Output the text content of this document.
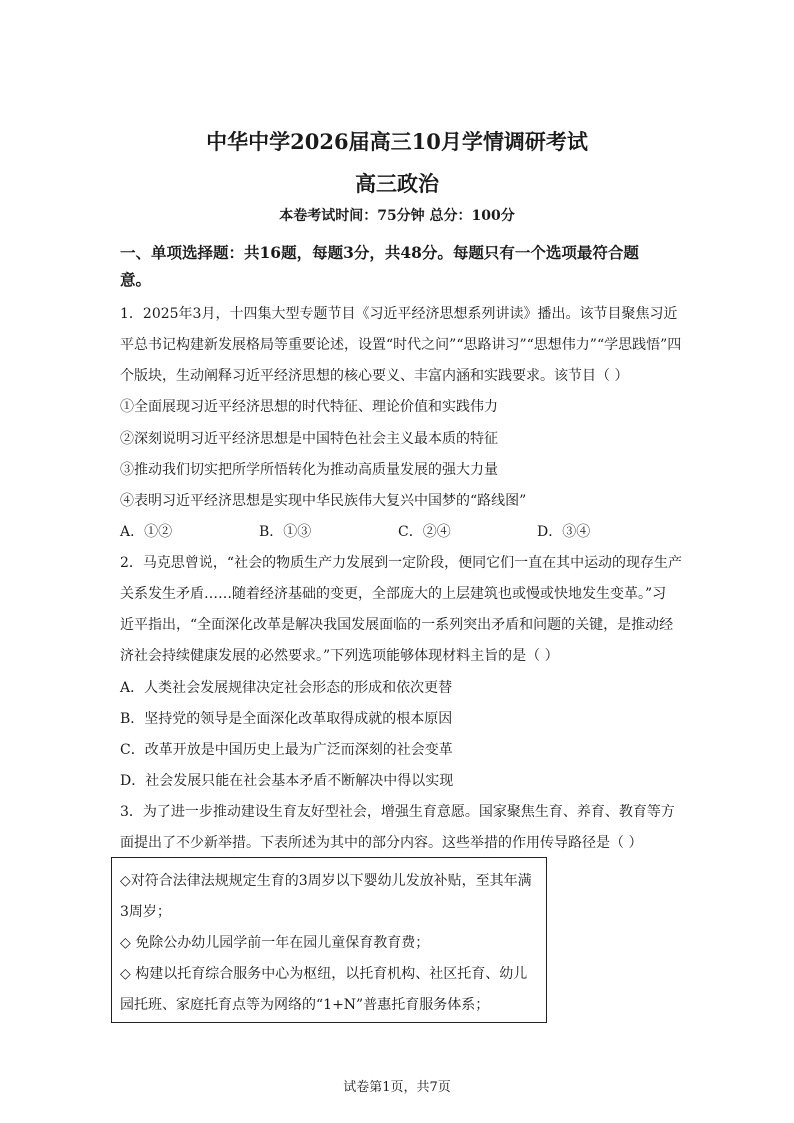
中华中学2026届高三10月学情调研考试
高三政治
本卷考试时间：75分钟 总分：100分
一、单项选择题：共16题，每题3分，共48分。每题只有一个选项最符合题
意。
1．2025年3月，十四集大型专题节目《习近平经济思想系列讲读》播出。该节目聚焦习近
平总书记构建新发展格局等重要论述，设置“时代之问”“思路讲习”“思想伟力”“学思践悟”四
个版块，生动阐释习近平经济思想的核心要义、丰富内涵和实践要求。该节目（ ）
①全面展现习近平经济思想的时代特征、理论价值和实践伟力
②深刻说明习近平经济思想是中国特色社会主义最本质的特征
③推动我们切实把所学所悟转化为推动高质量发展的强大力量
④表明习近平经济思想是实现中华民族伟大复兴中国梦的“路线图”
A．①②	B．①③	C．②④	D．③④
2．马克思曾说，“社会的物质生产力发展到一定阶段，便同它们一直在其中运动的现存生产
关系发生矛盾……随着经济基础的变更，全部庞大的上层建筑也或慢或快地发生变革。”习
近平指出，“全面深化改革是解决我国发展面临的一系列突出矛盾和问题的关键，是推动经
济社会持续健康发展的必然要求。”下列选项能够体现材料主旨的是（ ）
A．人类社会发展规律决定社会形态的形成和依次更替
B．坚持党的领导是全面深化改革取得成就的根本原因
C．改革开放是中国历史上最为广泛而深刻的社会变革
D．社会发展只能在社会基本矛盾不断解决中得以实现
3．为了进一步推动建设生育友好型社会，增强生育意愿。国家聚焦生育、养育、教育等方
面提出了不少新举措。下表所述为其中的部分内容。这些举措的作用传导路径是（ ）
◇对符合法律法规规定生育的3周岁以下婴幼儿发放补贴，至其年满
3周岁；
◇ 免除公办幼儿园学前一年在园儿童保育教育费；
◇ 构建以托育综合服务中心为枢纽，以托育机构、社区托育、幼儿
园托班、家庭托育点等为网络的“1+N”普惠托育服务体系；
试卷第1页，共7页
